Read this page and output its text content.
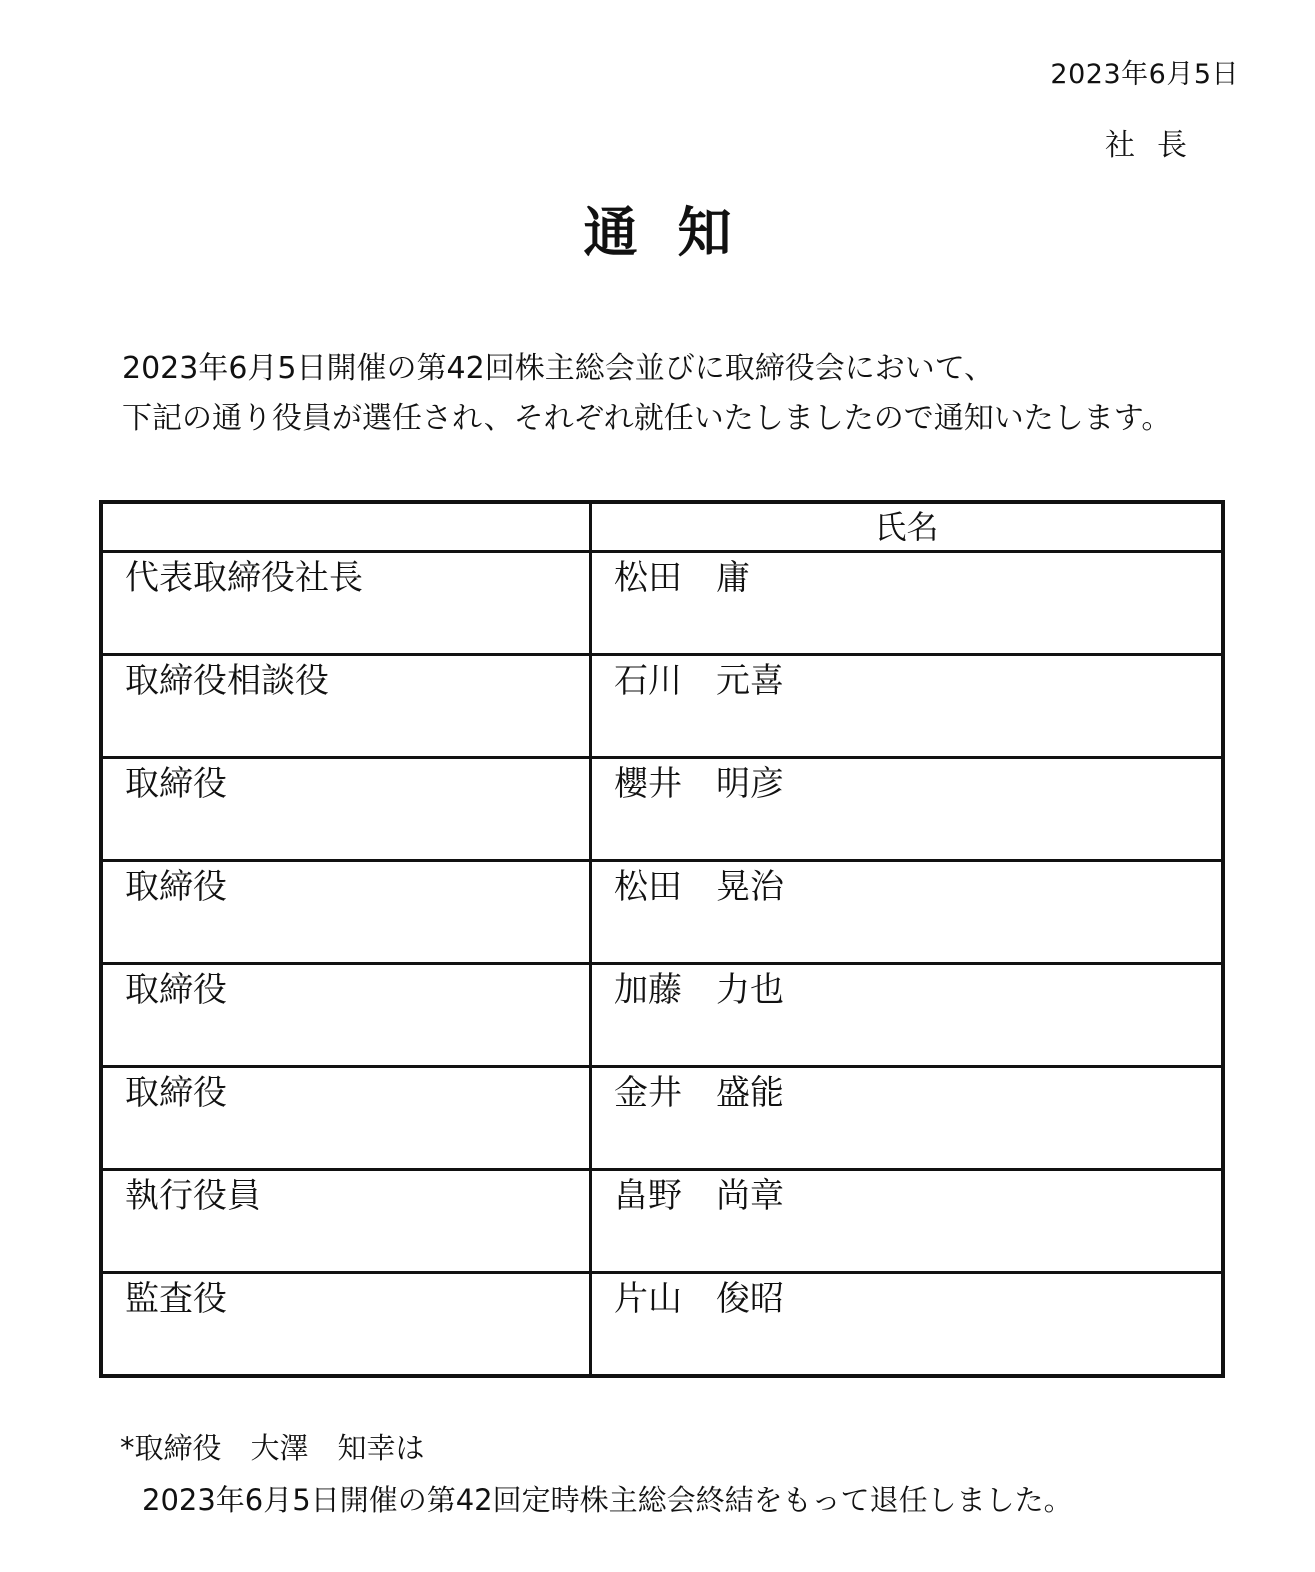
2023年6月5日
社長
通知
2023年6月5日開催の第42回株主総会並びに取締役会において、
下記の通り役員が選任され、それぞれ就任いたしましたので通知いたします。
	氏名
代表取締役社長	松田　庸
取締役相談役	石川　元喜
取締役	櫻井　明彦
取締役	松田　晃治
取締役	加藤　力也
取締役	金井　盛能
執行役員	畠野　尚章
監査役	片山　俊昭
*取締役　大澤　知幸は
2023年6月5日開催の第42回定時株主総会終結をもって退任しました。
